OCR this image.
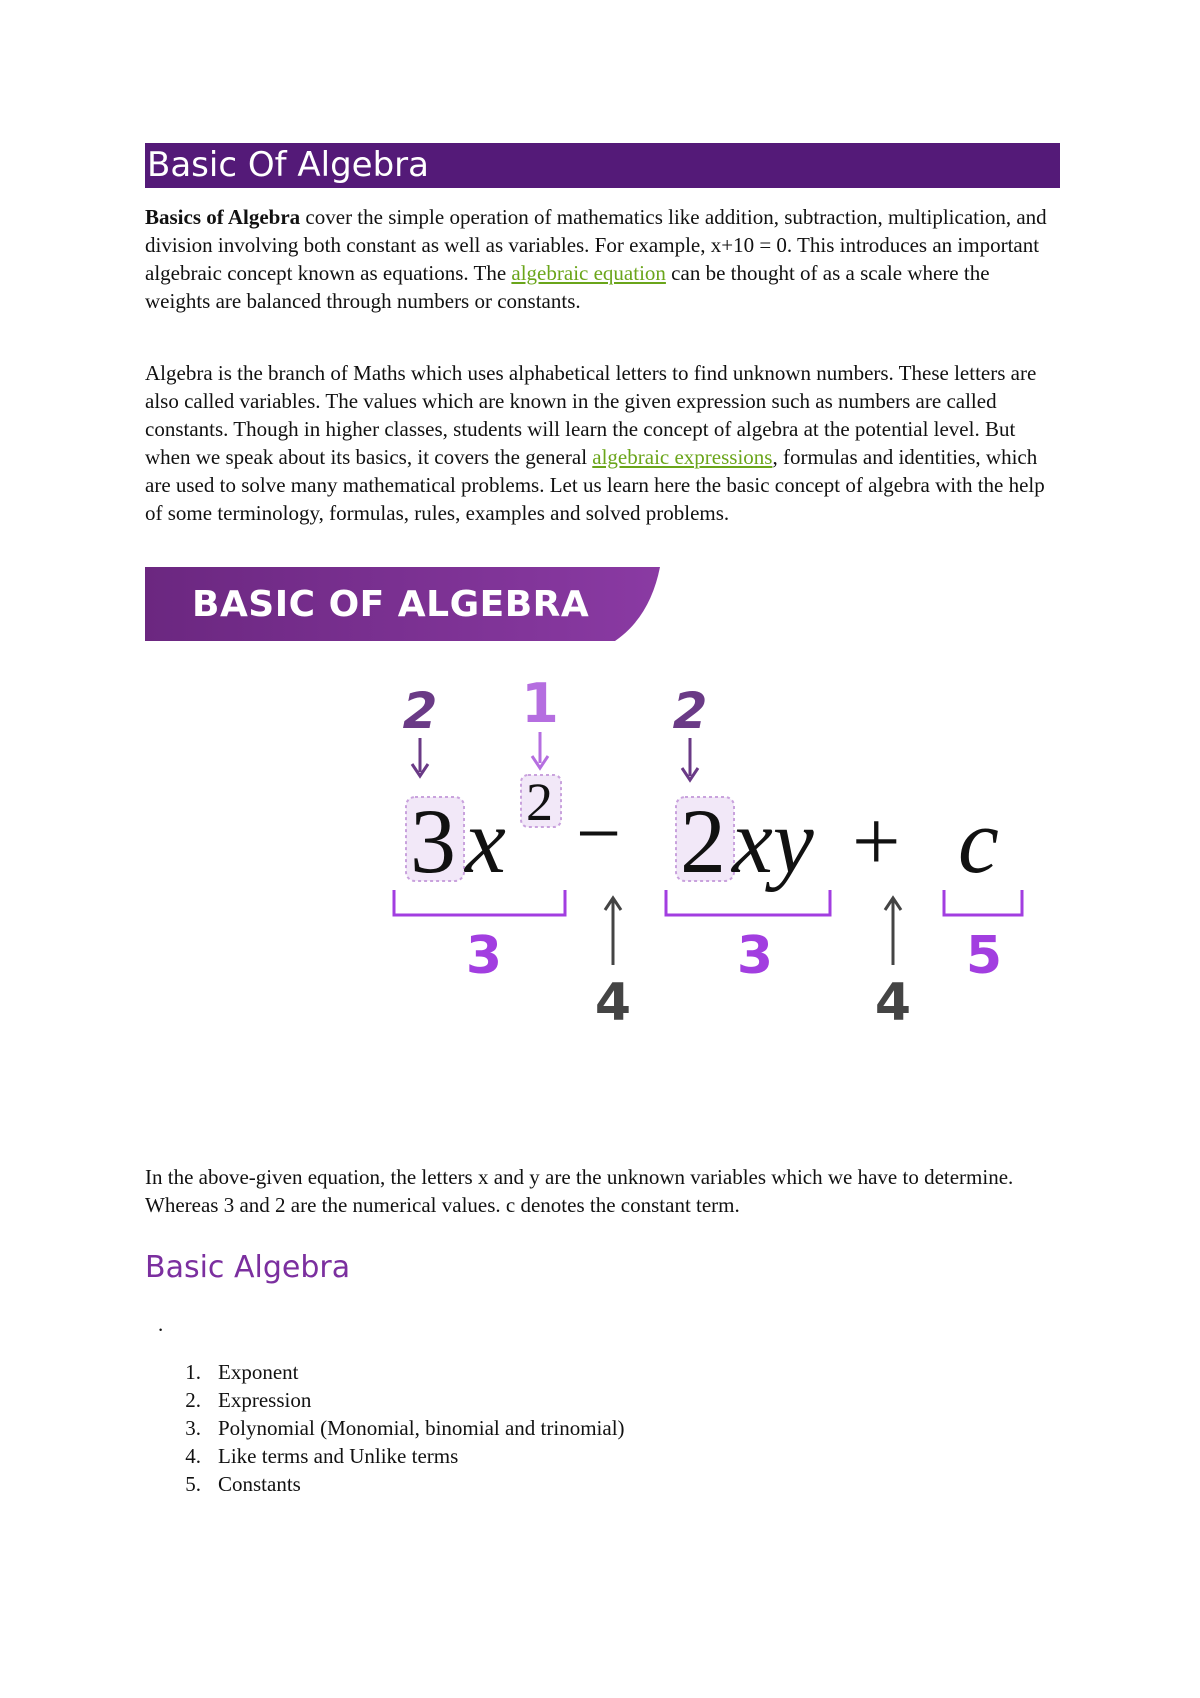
Basic Of Algebra

Basics of Algebra cover the simple operation of mathematics like addition, subtraction, multiplication, and division involving both constant as well as variables. For example, x+10 = 0. This introduces an important algebraic concept known as equations. The algebraic equation can be thought of as a scale where the weights are balanced through numbers or constants.

Algebra is the branch of Maths which uses alphabetical letters to find unknown numbers. These letters are also called variables. The values which are known in the given expression such as numbers are called constants. Though in higher classes, students will learn the concept of algebra at the potential level. But when we speak about its basics, it covers the general algebraic expressions, formulas and identities, which are used to solve many mathematical problems. Let us learn here the basic concept of algebra with the help of some terminology, formulas, rules, examples and solved problems.

BASIC OF ALGEBRA
3 x 2 − 2 xy + c
2 1 2
3
4
3
4
5

In the above-given equation, the letters x and y are the unknown variables which we have to determine. Whereas 3 and 2 are the numerical values. c denotes the constant term.

Basic Algebra
.
1. Exponent
2. Expression
3. Polynomial (Monomial, binomial and trinomial)
4. Like terms and Unlike terms
5. Constants
